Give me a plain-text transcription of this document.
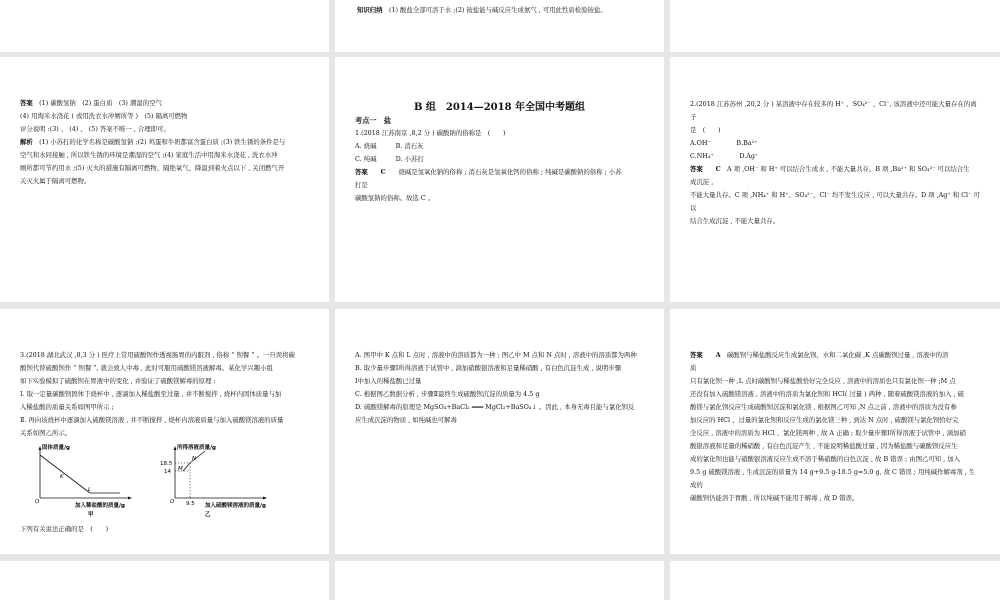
知识归纳　 (1) 酸盐全部可溶于水 ;(2) 铵盐能与碱反应生成氨气 , 可用此性质检验铵盐。

答案　 (1) 碳酸氢钠　(2) 蛋白质　(3) 潮湿的空气

(4) 用淘米水浇花 ( 或用洗衣水冲厕所等 )　(5) 隔离可燃物

评分说明 :(3) 、 (4) 、 (5) 答案不唯一 , 合理即可。

解析　 (1) 小苏打的化学名称是碳酸氢钠 ;(2) 鸡蛋和牛奶都富含蛋白质 ;(3) 铁生锈的条件是与

空气和水同接触 , 所以铁生锈的环境是潮湿的空气 ;(4) 家庭生活中用淘米水浇花 , 洗衣水冲

厕所都可节约用水 ;(5) 灭火的措施有隔离可燃物、隔绝氧气、降温到着火点以下 , 关闭燃气开

关灭火属于隔离可燃物。

B 组　2014—2018 年全国中考题组

考点一　盐

1.(2018 江苏南京 ,8,2 分 ) 碳酸钠的俗称是　(　　)

A. 烧碱　　　B. 消石灰

C. 纯碱　　　D. 小苏打

答案　　 C　　 烧碱是氢氧化钠的俗称 ; 消石灰是氢氧化钙的俗称 ; 纯碱是碳酸钠的俗称 ; 小苏

打是

碳酸氢钠的俗称。故选 C 。

2.(2018 江苏苏州 ,20,2 分 ) 某溶液中存在较多的 H⁺ 、SO₄²⁻ 、Cl⁻, 该溶液中还可能大量存在的离子

是　(　　)

A.OH⁻　　　　	B.Ba²⁺

C.NH₄⁺　　　　	D.Ag⁺

答案　　 C　 A 项 ,OH⁻ 和 H⁺ 可以结合生成水 , 不能大量共存。B 项 ,Ba²⁺ 和 SO₄²⁻ 可以结合生

成沉淀 ,

不能大量共存。C 项 ,NH₄⁺ 和 H⁺、SO₄²⁻、Cl⁻ 均不发生反应 , 可以大量共存。D 项 ,Ag⁺ 和 Cl⁻ 可以

结合生成沉淀 , 不能大量共存。

3.(2018 湖北武汉 ,8,3 分 ) 医疗上常用硫酸钡作透视肠胃的内服剂 , 俗称 “ 钡餐 ” 。一旦误将碳

酸钡代替硫酸钡作 “ 钡餐 ”, 就会致人中毒 , 此时可服用硫酸镁溶液解毒。某化学兴趣小组

如下实验模拟了硫酸钡在胃液中的变化 , 并验证了硫酸镁解毒的原理 :

Ⅰ. 取一定量碳酸钡固体于烧杯中 , 逐滴加入稀盐酸至过量 , 并不断搅拌 , 烧杯内固体质量与加

入稀盐酸的质量关系如图甲所示 ;

Ⅱ. 再向该烧杯中逐滴加入硫酸镁溶液 , 并不断搅拌 , 烧杯内溶液质量与加入硫酸镁溶液的质量

关系如图乙所示。

固体质量/g
K
L
O
加入稀盐酸的质量/g
甲
所得溶液质量/g
18.5
14
N
M
O 9.5 加入硫酸镁溶液的质量/g
乙

下列有关说法正确的是　(　　)

A. 图甲中 K 点和 L 点时 , 溶液中的溶质都为一种 ; 图乙中 M 点和 N 点时 , 溶液中的溶质都为两种

B. 取少量步骤Ⅰ所得溶液于试管中 , 滴加硝酸银溶液和足量稀硝酸 , 有白色沉淀生成 , 说明步骤

Ⅰ中加入的稀盐酸已过量

C. 根据图乙数据分析 , 步骤Ⅱ最终生成硫酸钡沉淀的质量为 4.5 g

D. 硫酸镁解毒的原理是 MgSO₄+BaCl₂ ═══ MgCl₂+BaSO₄↓ 。因此 , 本身无毒且能与氯化钡反

应生成沉淀的物质 , 如纯碱也可解毒

答案　　 A　 碳酸钡与稀盐酸反应生成氯化钡、水和二氧化碳 ,K 点碳酸钡过量 , 溶液中的溶

质

只有氯化钡一种 ,L 点时碳酸钡与稀盐酸恰好完全反应 , 溶液中的溶质也只有氯化钡一种 ;M 点

还没有加入硫酸镁溶液 , 溶液中的溶质为氯化钡和 HCl( 过量 ) 两种 , 随着硫酸镁溶液的加入 , 硫

酸镁与氯化钡反应生成硫酸钡沉淀和氯化镁 , 根据图乙可知 ,N 点之前 , 溶液中的溶质为没有参

加反应的 HCl 、过量的氯化钡和反应生成的氯化镁三种 , 到达 N 点时 , 硫酸镁与氯化钡恰好完

全反应 , 溶液中的溶质为 HCl 、氯化镁两种 , 故 A 正确 ; 取少量步骤Ⅰ所得溶液于试管中 , 滴加硝

酸银溶液和足量的稀硝酸 , 有白色沉淀产生 , 不能说明稀盐酸过量 , 因为稀盐酸与碳酸钡反应生

成的氯化钡也能与硝酸银溶液反应生成不溶于稀硝酸的白色沉淀 , 故 B 错误 ; 由图乙可知 , 加入

9.5 g 硫酸镁溶液 , 生成沉淀的质量为 14 g+9.5 g-18.5 g=5.0 g, 故 C 错误 ; 用纯碱作解毒剂 , 生成的

碳酸钡仍能溶于胃酸 , 所以纯碱不能用于解毒 , 故 D 错误。
